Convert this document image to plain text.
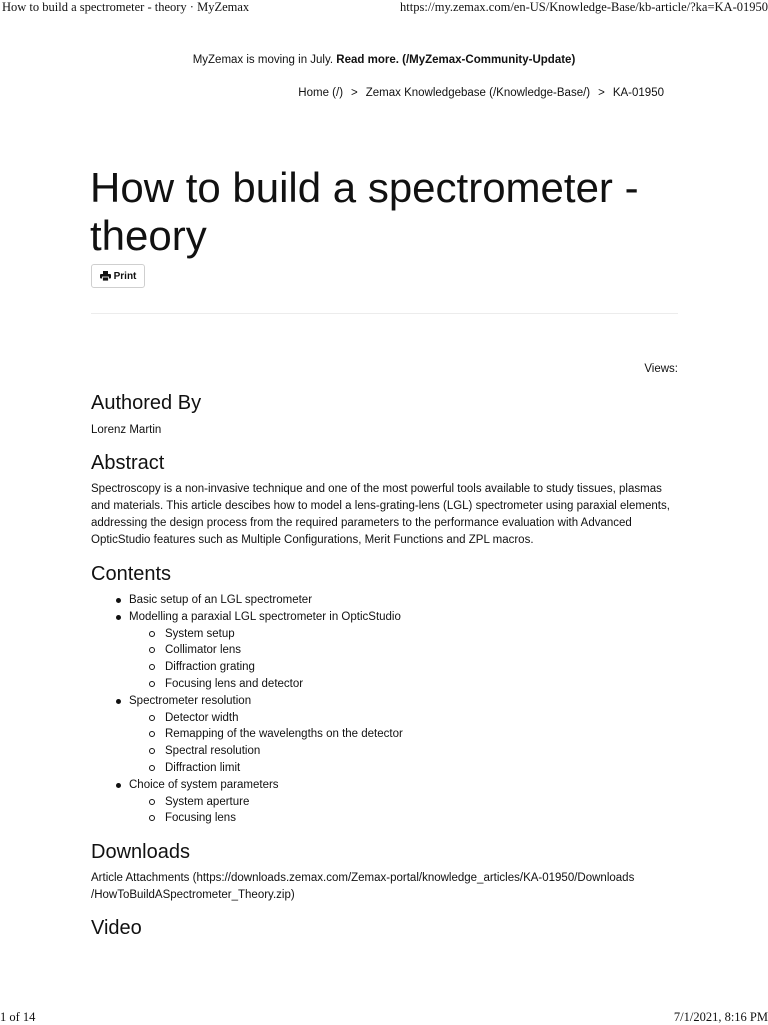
How to build a spectrometer - theory · MyZemax	https://my.zemax.com/en-US/Knowledge-Base/kb-article/?ka=KA-01950
MyZemax is moving in July. Read more. (/MyZemax-Community-Update)
Home (/) > Zemax Knowledgebase (/Knowledge-Base/) > KA-01950
How to build a spectrometer - theory
Print
Views:
Authored By

Lorenz Martin

Abstract
Spectroscopy is a non-invasive technique and one of the most powerful tools available to study tissues, plasmas
and materials. This article descibes how to model a lens-grating-lens (LGL) spectrometer using paraxial elements,
addressing the design process from the required parameters to the performance evaluation with Advanced
OpticStudio features such as Multiple Configurations, Merit Functions and ZPL macros.
Contents
Basic setup of an LGL spectrometer
Modelling a paraxial LGL spectrometer in OpticStudio
System setup
Collimator lens
Diffraction grating
Focusing lens and detector
Spectrometer resolution
Detector width
Remapping of the wavelengths on the detector
Spectral resolution
Diffraction limit
Choice of system parameters
System aperture
Focusing lens
Downloads
Article Attachments (https://downloads.zemax.com/Zemax-portal/knowledge_articles/KA-01950/Downloads
/HowToBuildASpectrometer_Theory.zip)
Video
1 of 14	7/1/2021, 8:16 PM
